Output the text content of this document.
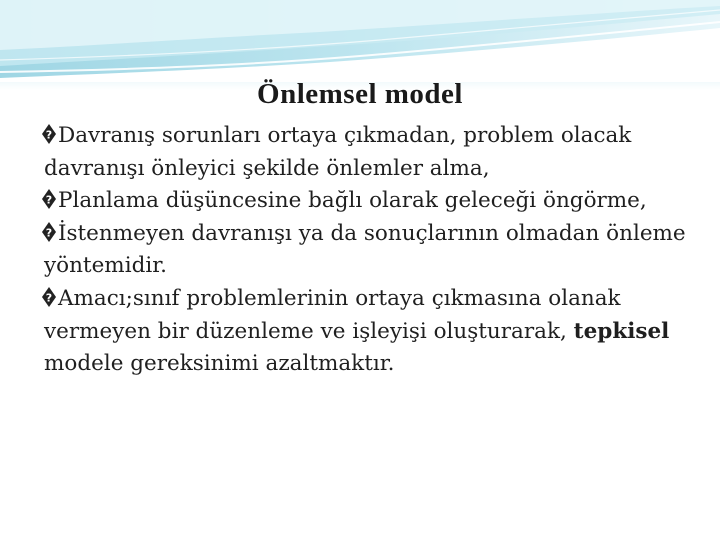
Önlemsel model

? Davranış sorunları ortaya çıkmadan, problem olacak davranışı önleyici şekilde önlemler alma,

? Planlama düşüncesine bağlı olarak geleceği öngörme,

? İstenmeyen davranışı ya da sonuçlarının olmadan önleme yöntemidir.

? Amacı;sınıf problemlerinin ortaya çıkmasına olanak vermeyen bir düzenleme ve işleyişi oluşturarak, tepkisel modele gereksinimi azaltmaktır.
